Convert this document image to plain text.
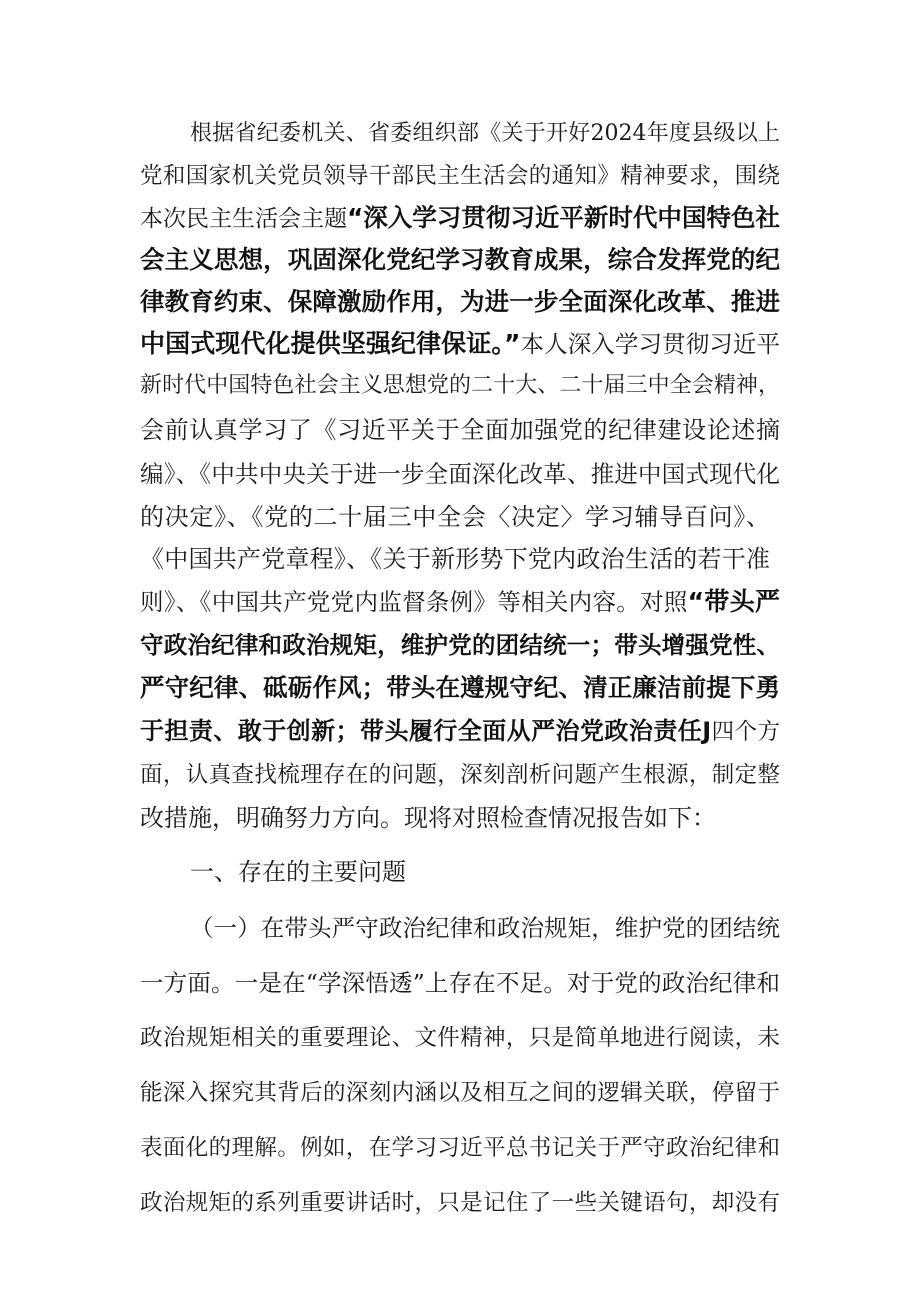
根据省纪委机关、省委组织部《关于开好2024年度县级以上
党和国家机关党员领导干部民主生活会的通知》精神要求，围绕
本次民主生活会主题“深入学习贯彻习近平新时代中国特色社
会主义思想，巩固深化党纪学习教育成果，综合发挥党的纪
律教育约束、保障激励作用，为进一步全面深化改革、推进
中国式现代化提供坚强纪律保证。”本人深入学习贯彻习近平
新时代中国特色社会主义思想党的二十大、二十届三中全会精神，
会前认真学习了《习近平关于全面加强党的纪律建设论述摘
编》、《中共中央关于进一步全面深化改革、推进中国式现代化
的决定》、《党的二十届三中全会〈决定〉学习辅导百问》、
《中国共产党章程》、《关于新形势下党内政治生活的若干准
则》、《中国共产党党内监督条例》等相关内容。对照“带头严
守政治纪律和政治规矩，维护党的团结统一；带头增强党性、
严守纪律、砥砺作风；带头在遵规守纪、清正廉洁前提下勇
于担责、敢于创新；带头履行全面从严治党政治责任J四个方
面，认真查找梳理存在的问题，深刻剖析问题产生根源，制定整
改措施，明确努力方向。现将对照检查情况报告如下：
一、存在的主要问题
（一）在带头严守政治纪律和政治规矩，维护党的团结统
一方面。一是在“学深悟透”上存在不足。对于党的政治纪律和
政治规矩相关的重要理论、文件精神，只是简单地进行阅读，未
能深入探究其背后的深刻内涵以及相互之间的逻辑关联，停留于
表面化的理解。例如，在学习习近平总书记关于严守政治纪律和
政治规矩的系列重要讲话时，只是记住了一些关键语句，却没有
